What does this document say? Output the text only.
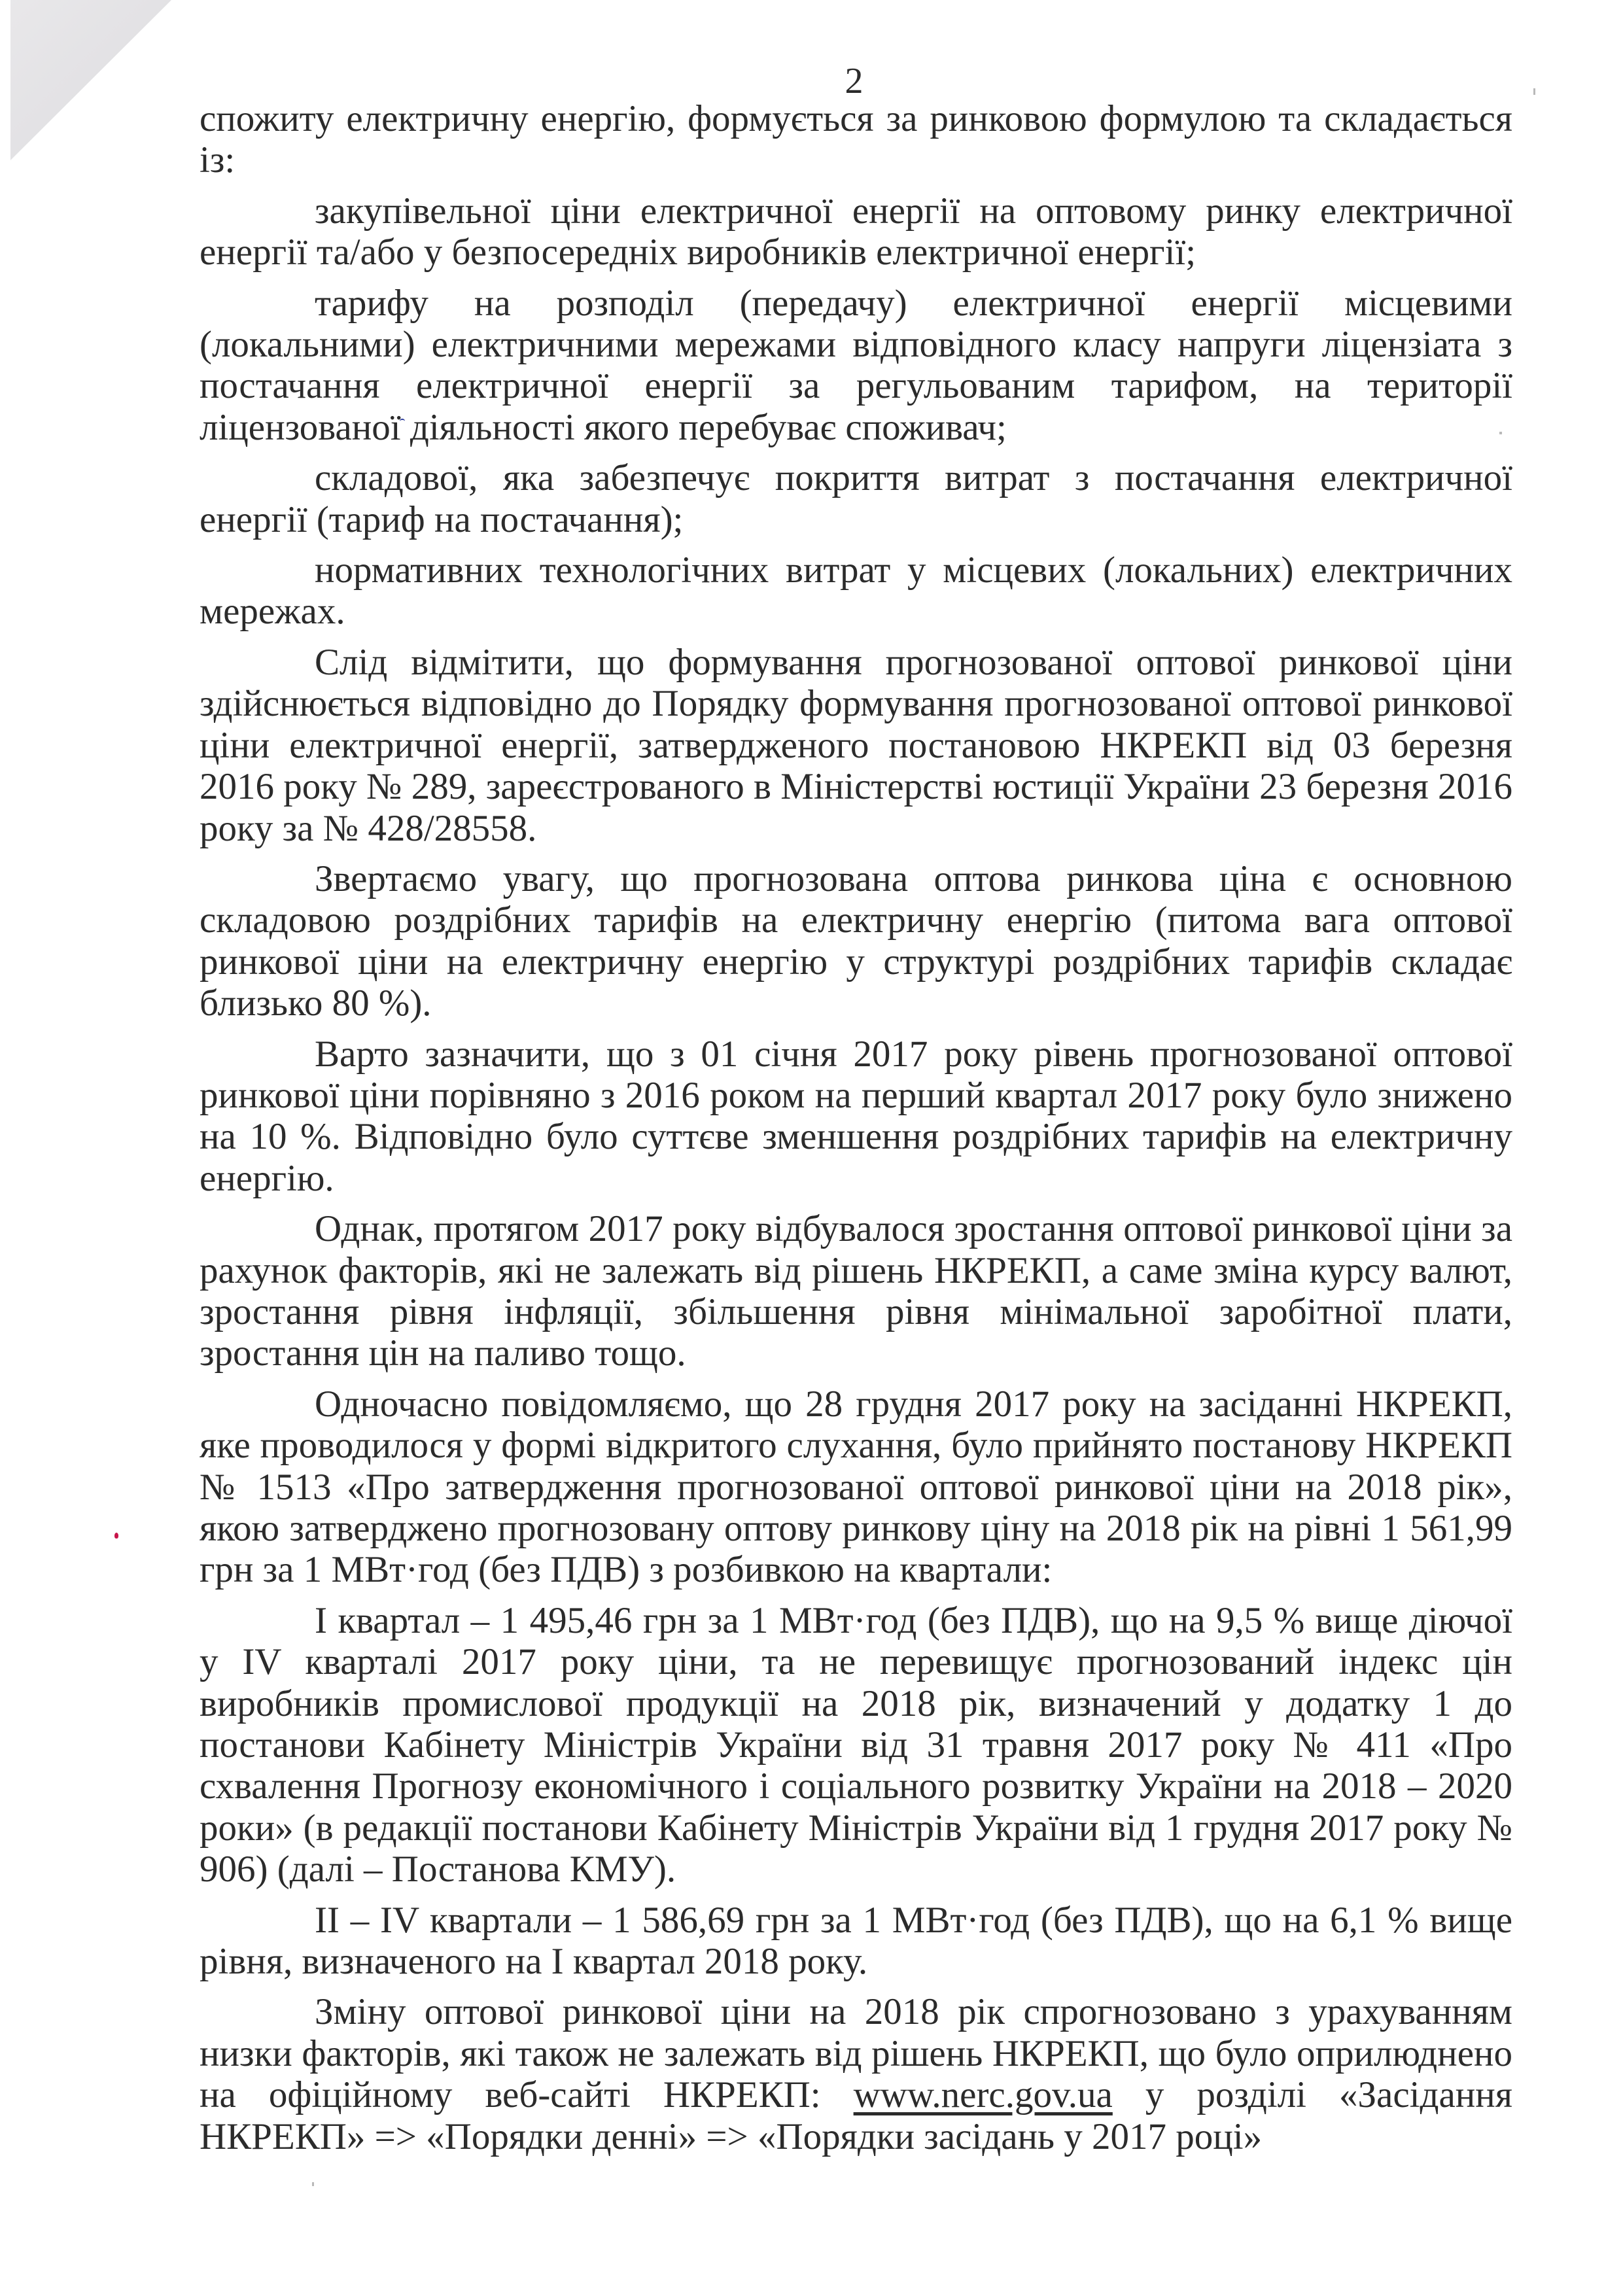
2

спожиту електричну енергію, формується за ринковою формулою та складається із:

закупівельної ціни електричної енергії на оптовому ринку електричної енергії та/або у безпосередніх виробників електричної енергії;

тарифу на розподіл (передачу) електричної енергії місцевими (локальними) електричними мережами відповідного класу напруги ліцензіата з постачання електричної енергії за регульованим тарифом, на території ліцензованої діяльності якого перебуває споживач;

складової, яка забезпечує покриття витрат з постачання електричної енергії (тариф на постачання);

нормативних технологічних витрат у місцевих (локальних) електричних мережах.

Слід відмітити, що формування прогнозованої оптової ринкової ціни здійснюється відповідно до Порядку формування прогнозованої оптової ринкової ціни електричної енергії, затвердженого постановою НКРЕКП від 03 березня 2016 року № 289, зареєстрованого в Міністерстві юстиції України 23 березня 2016 року за № 428/28558.

Звертаємо увагу, що прогнозована оптова ринкова ціна є основною складовою роздрібних тарифів на електричну енергію (питома вага оптової ринкової ціни на електричну енергію у структурі роздрібних тарифів складає близько 80 %).

Варто зазначити, що з 01 січня 2017 року рівень прогнозованої оптової ринкової ціни порівняно з 2016 роком на перший квартал 2017 року було знижено на 10 %. Відповідно було суттєве зменшення роздрібних тарифів на електричну енергію.

Однак, протягом 2017 року відбувалося зростання оптової ринкової ціни за рахунок факторів, які не залежать від рішень НКРЕКП, а саме зміна курсу валют, зростання рівня інфляції, збільшення рівня мінімальної заробітної плати, зростання цін на паливо тощо.

Одночасно повідомляємо, що 28 грудня 2017 року на засіданні НКРЕКП, яке проводилося у формі відкритого слухання, було прийнято постанову НКРЕКП № 1513 «Про затвердження прогнозованої оптової ринкової ціни на 2018 рік», якою затверджено прогнозовану оптову ринкову ціну на 2018 рік на рівні 1 561,99 грн за 1 МВт·год (без ПДВ) з розбивкою на квартали:

І квартал – 1 495,46 грн за 1 МВт·год (без ПДВ), що на 9,5 % вище діючої у IV кварталі 2017 року ціни, та не перевищує прогнозований індекс цін виробників промислової продукції на 2018 рік, визначений у додатку 1 до постанови Кабінету Міністрів України від 31 травня 2017 року № 411 «Про схвалення Прогнозу економічного і соціального розвитку України на 2018 – 2020 роки» (в редакції постанови Кабінету Міністрів України від 1 грудня 2017 року № 906) (далі – Постанова КМУ).

ІІ – ІV квартали – 1 586,69 грн за 1 МВт·год (без ПДВ), що на 6,1 % вище рівня, визначеного на І квартал 2018 року.

Зміну оптової ринкової ціни на 2018 рік спрогнозовано з урахуванням низки факторів, які також не залежать від рішень НКРЕКП, що було оприлюднено на офіційному веб-сайті НКРЕКП: www.nerc.gov.ua у розділі «Засідання НКРЕКП» => «Порядки денні» => «Порядки засідань у 2017 році»
